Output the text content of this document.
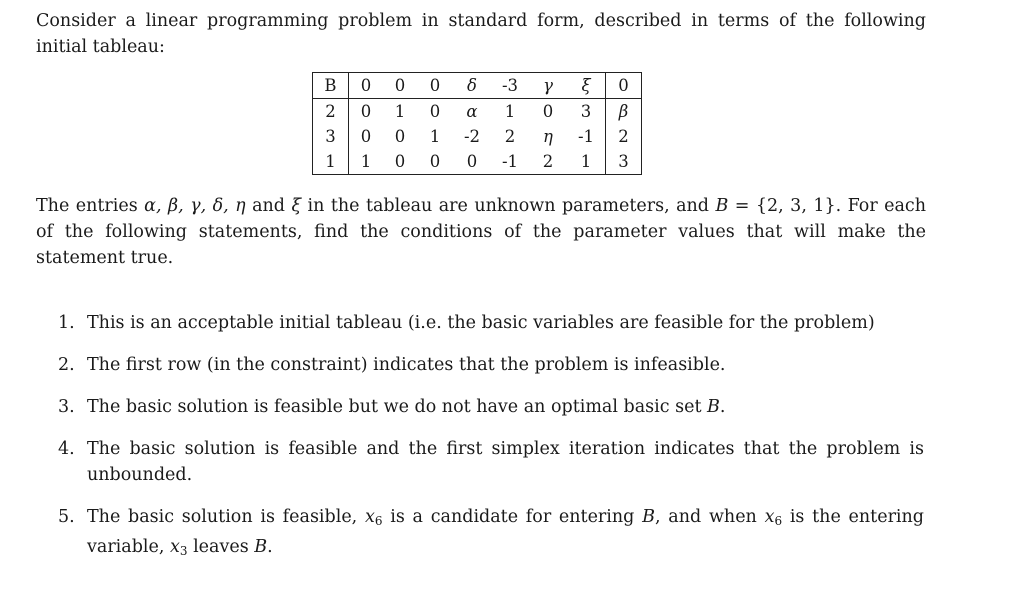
Consider a linear programming problem in standard form, described in terms of the following initial tableau:

B	0	0	0	δ	-3	γ	ξ	0
2	0	1	0	α	1	0	3	β
3	0	0	1	-2	2	η	-1	2
1	1	0	0	0	-1	2	1	3

The entries α, β, γ, δ, η and ξ in the tableau are unknown parameters, and B = {2, 3, 1}. For each of the following statements, find the conditions of the parameter values that will make the statement true.

1. This is an acceptable initial tableau (i.e. the basic variables are feasible for the problem)
2. The first row (in the constraint) indicates that the problem is infeasible.
3. The basic solution is feasible but we do not have an optimal basic set B.
4. The basic solution is feasible and the first simplex iteration indicates that the problem is unbounded.
5. The basic solution is feasible, $x_6$ is a candidate for entering B, and when $x_6$ is the entering variable, $x_3$ leaves B.
